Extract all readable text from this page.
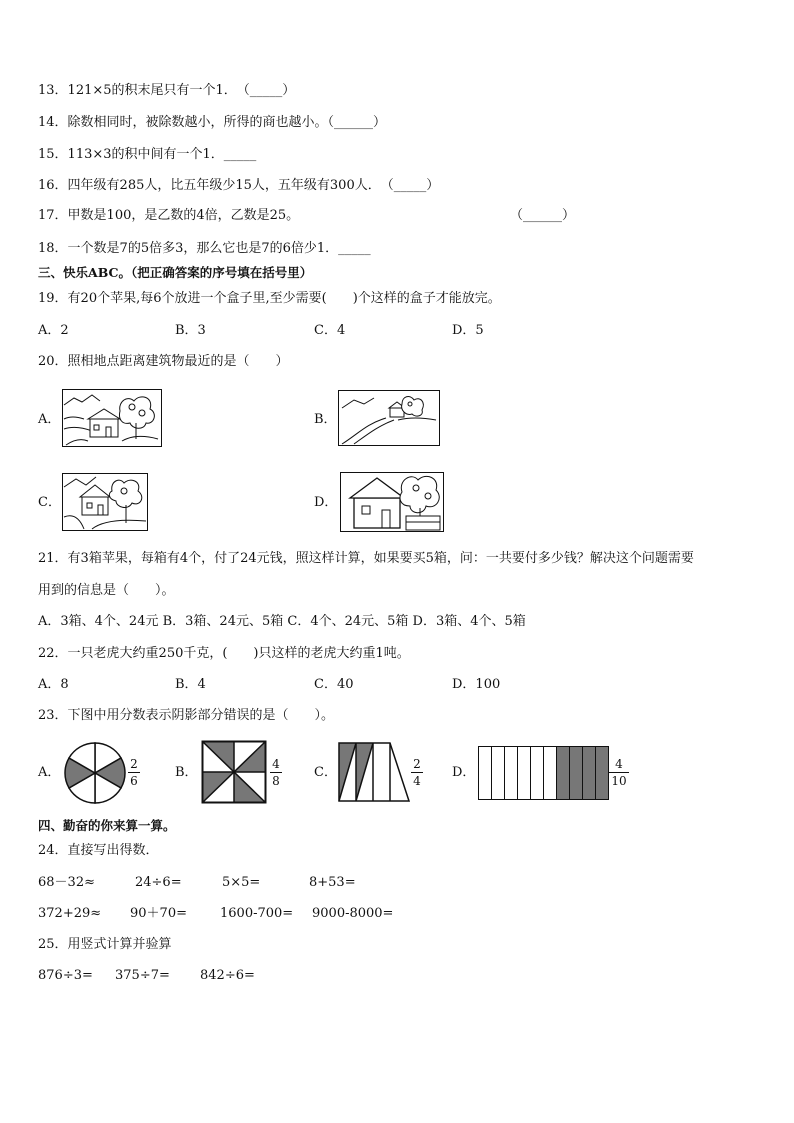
13．121×5的积末尾只有一个1．　（_____）
14．除数相同时，被除数越小，所得的商也越小。（______）
15．113×3的积中间有一个1．_____
16．四年级有285人，比五年级少15人，五年级有300人．　（_____）
17．甲数是100，是乙数的4倍，乙数是25。	（______）
18．一个数是7的5倍多3，那么它也是7的6倍少1．_____
三、快乐ABC。（把正确答案的序号填在括号里）
19．有20个苹果,每6个放进一个盒子里,至少需要(　　)个这样的盒子才能放完。
A．2	B．3	C．4	D．5
20．照相地点距离建筑物最近的是（　　）
A．	B．
C．	D．
21．有3箱苹果，每箱有4个，付了24元钱，照这样计算，如果要买5箱，问：一共要付多少钱？解决这个问题需要
用到的信息是（　　）。
A．3箱、4个、24元 B．3箱、24元、5箱 C．4个、24元、5箱 D．3箱、4个、5箱
22．一只老虎大约重250千克，(　　)只这样的老虎大约重1吨。
A．8	B．4	C．40	D．100
23．下图中用分数表示阴影部分错误的是（　　）。
A．
2
6
B．
4
8
C．
2
4
D．
4
10
四、勤奋的你来算一算。
24．直接写出得数．
68－32≈	24÷6=	5×5=	8+53=
372+29≈ 90＋70=	1600-700= 9000-8000=
25．用竖式计算并验算
876÷3= 375÷7= 842÷6=
